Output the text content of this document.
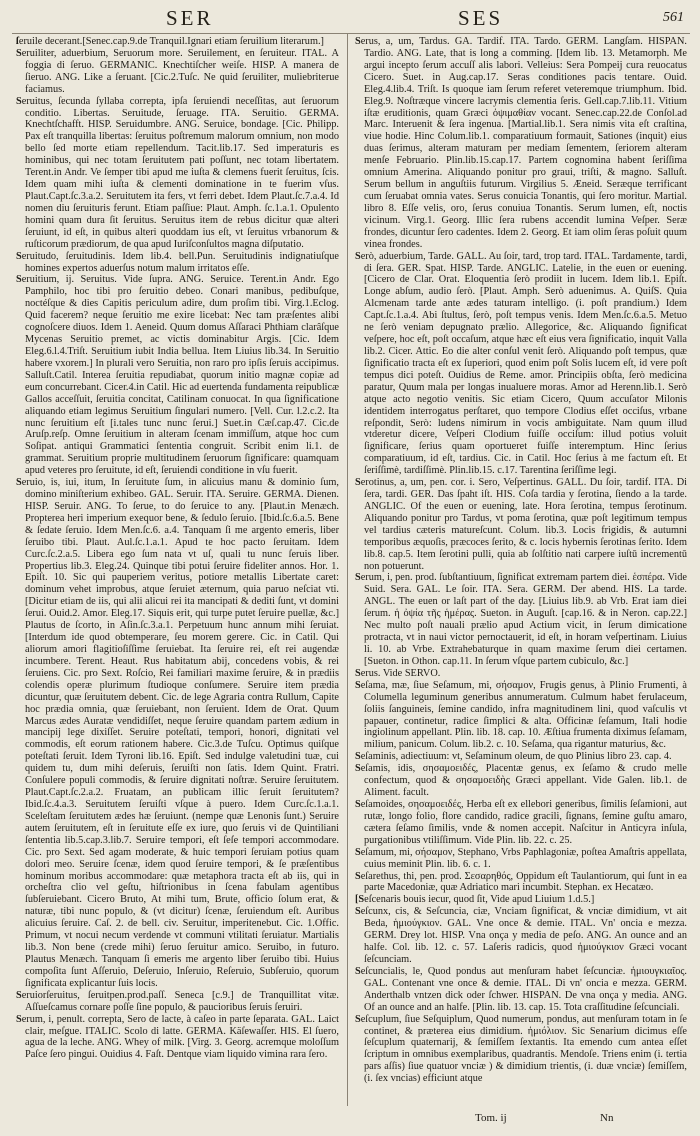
SER	SES	561

ſeruile decerant.[Senec.cap.9.de Tranquil.Ignari etiam ſeruilium literarum.]

Seruiliter, aduerbium, Seruorum more. Seruilement, en ſeruiteur. ITAL. A foggia di ſeruo. GERMANIC. Knechtiſcher weiſe. HISP. A manera de ſieruo. ANG. Like a ſeruant. [Cic.2.Tuſc. Ne quid ſeruiliter, muliebriterue faciamus.

Seruitus, ſecunda ſyllaba correpta, ipſa ſeruiendi neceſſitas, aut ſeruorum conditio. Libertas. Seruitude, ſeruage. ITA. Seruitio. GERMA. Knechtſchafft. HISP. Seruidumbre. ANG. Seruice, bondage. [Cic. Philipp. Pax eſt tranquilla libertas: ſeruitus poſtremum malorum omnium, non modo bello ſed morte etiam repellendum. Tacit.lib.17. Sed imperaturis es hominibus, qui nec totam ſeruitutem pati poſſunt, nec totam libertatem. Terent.in Andr. Ve ſemper tibi apud me iuſta & clemens fuerit ſeruitus, ſcis. Idem quam mihi iuſta & clementi dominatione in te fuerim vſus. Plaut.Capt.ſc.3.a.2. Seruitutem ita fers, vt ferri debet. Idem Plaut.ſc.7.a.4. Id nomen diu ſeruituris ferunt. Etiam paſſiue: Plaut. Amph. ſc.1.a.1. Opulento homini quam dura ſit ſeruitus. Seruitus item de rebus dicitur quæ alteri ſeruiunt, id eſt, in quibus alteri quoddam ius eſt, vt ſeruitus vrbanorum & ruſticorum prædiorum, de qua apud Iuriſconſultos magna diſputatio.

Seruitudo, ſeruitudinis. Idem lib.4. bell.Pun. Seruitudinis indignatiuſque homines expertos aduerſus notum malum irritatos eſſe.

Seruitium, ij. Seruitus. Vide ſupra. ANG. Seruice. Terent.in Andr. Ego Pamphilo, hoc tibi pro ſeruitio debeo. Conari manibus, pedibuſque, noctéſque & dies Capitis periculum adire, dum proſim tibi. Virg.1.Eclog. Quid facerem? neque ſeruitio me exire licebat: Nec tam præſentes alibi cognoſcere diuos. Idem 1. Aeneid. Quum domus Aſſaraci Phthiam clarâſque Mycenas Seruitio premet, ac victis dominabitur Argis. [Cic. Idem Eleg.6.l.4.Triſt. Seruitium iubit India bellua. Item Liuius lib.34. In Seruitio habere vxorem.] In plurali vero Seruitia, non raro pro ipſis ſeruis accipimus. Salluſt.Catil. Interea ſeruitia repudiabat, quorum initio magnæ copiæ ad eum concurrebant. Cicer.4.in Catil. Hic ad euertenda fundamenta reipublicæ Gallos acceſſuit, ſeruitia concitat, Catilinam conuocat. In qua ſignificatione aliquando etiam legimus Seruitium ſingulari numero. [Vell. Cur. l.2.c.2. Ita nunc ſeruitium eſt [i.tales tunc nunc ſerui.] Suet.in Cæſ.cap.47. Cic.de Aruſp.reſp. Omne ſeruitium in alteram ſcenam immiſſum, atque hoc cum Soſipat. antiqui Grammatici ſententia congruit. Scribit enim li.1. de grammat. Seruitium proprie multitudinem ſeruorum ſignificare: quamquam apud veteres pro ſeruitute, id eſt, ſeruiendi conditione in vſu fuerit.

Seruio, is, iui, itum, In ſeruitute ſum, in alicuius manu & dominio ſum, domino miniſterium exhibeo. GAL. Seruir. ITA. Seruire. GERMA. Dienen. HISP. Seruir. ANG. To ſerue, to do ſeruice to any. [Plaut.in Menæch. Propterea heri imperium exequor bene, & ſedulo ſeruio. [Ibid.ſc.6.a.5. Bene & ſedate ſeruio. Idem Men.ſc.6. a.4. Tanquam ſi me argento emeris, liber ſeruibo tibi. Plaut. Aul.ſc.1.a.1. Apud te hoc pacto ſeruitam. Idem Curc.ſc.2.a.5. Libera ego ſum nata vt uſ, quali tu nunc ſeruis liber. Propertius lib.3. Eleg.24. Quinque tibi potui ſeruire fideliter annos. Hor. 1. Epiſt. 10. Sic qui pauperiem veritus, potiore metallis Libertate caret: dominum vehet improbus, atque ſeruiet æternum, quia paruo neſciat vti. [Dicitur etiam de iis, qui alii alicui rei ita mancipati & dediti ſunt, vt domini ſerui. Ouid.2. Amor. Eleg.17. Siquis erit, qui turpe putet ſeruire puellæ, &c.] Plautus de ſcorto, in Aſin.ſc.3.a.1. Perpetuum hunc annum mihi ſeruiat. [Interdum ide quod obtemperare, ſeu morem gerere. Cic. in Catil. Qui aliorum amori flagitioſiſſime ſeruiebat. Ita ſeruire rei, eſt rei augendæ incumbere. Terent. Heaut. Rus habitatum abij, concedens vobis, & rei ſeruiens. Cic. pro Sext. Roſcio, Rei familiari maxime ſeruire, & in prædiis colendis operæ plurimum ſtudioque conſumere. Seruire item prædia dicuntur, quæ ſeruitutem debent. Cic. de lege Agraria contra Rullum, Capite hoc prædia omnia, quæ ſeruiebant, non ſeruient. Idem de Orat. Quum Marcus ædes Auratæ vendidiſſet, neque ſeruire quandam partem ædium in mancipij lege dixiſſet. Seruire poteſtati, tempori, honori, dignitati vel commodis, eſt eorum rationem habere. Cic.3.de Tuſcu. Optimus quiſque poteſtati ſeruit. Idem Tyroni lib.16. Epiſt. Sed indulge valetudini tuæ, cui quidem tu, dum mihi deſeruis, ſeruiſti non ſatis. Idem Quint. Fratri. Conſulere populi commodis, & ſeruire dignitati noſtræ. Seruire ſeruitutem. Plaut.Capt.ſc.2.a.2. Fruatam, an publicam illic ſeruit ſeruitutem? Ibid.ſc.4.a.3. Seruitutem ſeruiſti vſque à puero. Idem Curc.ſc.1.a.1. Sceleſtam ſeruitutem ædes hæ ſeruiunt. (nempe quæ Lenonis ſunt.) Seruire autem ſeruitutem, eſt in ſeruitute eſſe ex iure, quo ſeruis vi de Quintiliani ſententia lib.5.cap.3.lib.7. Seruire tempori, eſt ſeſe tempori accommodare. Cic. pro Sext. Sed agam moderate, & huic tempori ſeruiam potius quam dolori meo. Seruire ſcenæ, idem quod ſeruire tempori, & ſe præſentibus hominum moribus accommodare: quæ metaphora tracta eſt ab iis, qui in orcheſtra clio vel geſtu, hiſtrionibus in ſcena fabulam agentibus ſubſeruiebant. Cicero Bruto, At mihi tum, Brute, officio ſolum erat, & naturæ, tibi nunc populo, & (vt dicitur) ſcenæ, ſeruiendum eſt. Auribus alicuius ſeruire. Caſ. 2. de bell. civ. Seruitur, imperitenebut. Cic. 1.Offic. Primum, vt nocui necum verdende vt communi vtilitati ſeruiatur. Martialis lib.3. Non bene (crede mihi) ſeruo ſeruitur amico. Seruibo, in futuro. Plautus Menæch. Tanquam ſi emeris me argento liber ſeruibo tibi. Huius compoſita ſunt Aſſeruio, Deſeruio, Inſeruio, Reſeruio, Subſeruio, quorum ſignificata explicantur ſuis locis.

Seruiorſeruitus, ſeruitpen.prod.paſſ. Seneca [c.9.] de Tranquillitat vitæ. Aſſueſcamus cornare poſſe ſine populo, & paucioribus ſeruis ſeruiri.

Serum, i, penult. correpta, Sero de lacte, à caſeo in parte ſeparata. GAL. Laict clair, meſgue. ITALIC. Scolo di latte. GERMA. Käſewaſſer. HIS. El ſuero, agua de la leche. ANG. Whey of milk. [Virg. 3. Georg. acremque moloſſum Paſce ſero pingui. Ouidius 4. Faſt. Dentque viam liquido vimina rara ſero.

Serus, a, um, Tardus. GA. Tardif. ITA. Tardo. GERM. Langſam. HISPAN. Tardio. ANG. Late, that is long a comming. [Idem lib. 13. Metamorph. Me argui incepto ſerum accuſſ alis labori. Velleius: Sera Pompeij cura reuocatus Cicero. Suet. in Aug.cap.17. Seras conditiones pacis tentare. Ouid. Eleg.4.lib.4. Triſt. Is quoque iam ſerum referet veteremque triumphum. Ibid. Eleg.9. Noſtræque vincere lacrymis clementia ſeris. Gell.cap.7.lib.11. Vitium iſtæ eruditionis, quam Græci ὀψιμαθίαν vocant. Senec.cap.22.de Conſol.ad Marc. Interuenit & ſera ingenua. [Martial.lib.1. Sera nimis vita eſt craſtina, viue hodie. Hinc Colum.lib.1. comparatiuum formauit, Sationes (inquit) eius duas ſerimus, alteram maturam per mediam ſementem, ſeriorem alteram menſe Februario. Plin.lib.15.cap.17. Partem cognomina habent ſeriſſima omnium Amerina. Aliquando ponitur pro graui, triſti, & magno. Salluſt. Serum bellum in anguſtiis futurum. Virgilius 5. Æneid. Seræque terrificant cum ſeruabat omnia vates. Serus conuicia Tonantis, qui ſero moritur. Martial. libro 8. Eſſe velis, oro, ſerus conuiua Tonantis. Serum lumen, eſt, noctis vicinum. Virg.1. Georg. Illic ſera rubens accendit lumina Veſper. Seræ frondes, dicuntur ſero cadentes. Idem 2. Georg. Et iam olim ſeras poſuit quum vinea frondes.

Serò, aduerbium, Tarde. GALL. Au ſoir, tard, trop tard. ITAL. Tardamente, tardi, di ſera. GER. Spat. HISP. Tarde. ANGLIC. Latelie, in the euen or euening. [Cicero de Clar. Orat. Eloquentia ſerò prodiit in lucem. Idem lib.1. Epiſt. Longe abſum, audio ſerò. [Plaut. Amph. Serò aduenimus. A. QuiſS. Quia Alcmenam tarde ante ædes taturam intelligo. (i. poſt prandium.) Idem Capt.ſc.1.a.4. Abi ſtultus, ſerò, poſt tempus venis. Idem Men.ſc.6.a.5. Metuo ne ſerò veniam depugnato prælio. Allegorice, &c. Aliquando ſignificat veſpere, hoc eſt, poſt occaſum, atque hæc eſt eius vera ſignificatio, inquit Valla lib.2. Cicer. Attic. Eo die alter conſul venit ſerò. Aliquando poſt tempus, quæ ſignificatio tracta eſt ex ſuperiori, quod enim poſt Solis lucem eſt, id vere poſt tempus dici poteſt. Ouidius de Reme. amor. Principiis obſta, ſerò medicina paratur, Quum mala per longas inualuere moras. Amor ad Herenn.lib.1. Serò atque acto negotio venitis. Sic etiam Cicero, Quum accuſator Milonis identidem interrogatus perſtaret, quo tempore Clodius eſſet occiſus, vrbane reſpondit, Serò: ludens nimirum in vocis ambiguitate. Nam quum illud vtderetur dicere, Veſperi Clodium fuiſſe occiſum: illud potius voluit ſignificare, ſerius quam oportueret fuiſſe interemptum. Hinc ſerius comparatiuum, id eſt, tardius. Cic. in Catil. Hoc ſerius à me factum eſt. Et ſeriſſimè, tardiſſimè. Plin.lib.15. c.17. Tarentina ſeriſſime legi.

Serotinus, a, um, pen. cor. i. Sero, Veſpertinus. GALL. Du ſoir, tardif. ITA. Di ſera, tardi. GER. Das ſpaht iſt. HIS. Coſa tardia y ſerotina, ſiendo a la tarde. ANGLIC. Of the euen or euening, late. Hora ſerotina, tempus ſerotinum. Aliquando ponitur pro Tardus, vt poma ſerotina, quæ poſt legitimum tempus vel tardius cæteris matureſcunt. Colum. lib.3. Locis frigidis, & autumni temporibus æquoſis, præcoces ſerito, & c. locis hybernis ſerotinas ſerito. Idem lib.8. cap.5. Item ſerotini pulli, quia ab ſolſtitio nati carpere iuſtū incrementū non potuerunt.

Serum, i, pen. prod. ſubſtantiuum, ſignificat extremam partem diei. ἑσπέρα. Vide Suid. Sera. GAL. Le ſoir. ITA. Sera. GERM. Der abend. HIS. La tarde. ANGL. The euen or laſt part of the day. [Liuius lib.9. ab Vrb. Erat iam diei ſerum. ἡ ὀψία τῆς ἡμέρας. Sueton. in Auguſt. [cap.16. & in Neron. cap.22.] Nec multo poſt nauali prælio apud Actium vicit, in ſerum dimicatione protracta, vt in naui victor pernoctauerit, id eſt, in horam veſpertinam. Liuius li. 10. ab Vrbe. Extrahebaturque in quam maxime ſerum diei certamen. [Sueton. in Othon. cap.11. In ſerum vſque partem cubiculo, &c.]

Serus. Vide SERVO.

Seſama, mæ, ſiue Seſamum, mi, σήσαμον, Frugis genus, à Plinio Frumenti, à Columella leguminum generibus annumeratum. Culmum habet ferulaceum, ſoliis ſanguineis, ſemine candido, infra magnitudinem lini, quod vaſculis vt papauer, continetur, radice ſimplici & alta. Officinæ ſeſamum, Itali hodie ingiolinum appellant. Plin. lib. 18. cap. 10. Æſtiua frumenta diximus ſeſamam, milium, panicum. Colum. lib.2. c. 10. Seſama, qua rigantur maturius, &c.

Seſaminis, adiectiuum: vt, Seſaminum oleum, de quo Plinius libro 23. cap. 4.

Seſamis, idis, σησαμοειδές, Placentæ genus, ex ſeſamo & crudo melle confectum, quod & σησαμοειδὴς Græci appellant. Vide Galen. lib.1. de Aliment. facult.

Seſamoides, σησαμοειδές, Herba eſt ex ellebori generibus, ſimilis ſeſamioni, aut rutæ, longo folio, flore candido, radice gracili, ſignans, ſemine guſtu amaro, cætera ſeſamo ſimilis, vnde & nomen accepit. Naſcitur in Anticyra inſula, purgationibus vtiliſſimum. Vide Plin. lib. 22. c. 25.

Seſamum, mi, σήσαμον, Stephano, Vrbs Paphlagoniæ, poſtea Amaſtris appellata, cuius meminit Plin. lib. 6. c. 1.

Seſarethus, thi, pen. prod. Σεσαρηθός, Oppidum eſt Taulantiorum, qui ſunt in ea parte Macedoniæ, quæ Adriatico mari incumbit. Stephan. ex Hecatæo.

[Seſcenaris bouis iecur, quod ſit, Vide apud Liuium 1.d.5.]

Seſcunx, cis, & Seſcuncia, ciæ, Vnciam ſignificat, & vnciæ dimidium, vt ait Beda, ἡμιούγκιον. GAL. Vne once & demie. ITAL. Vn' oncia e mezza. GERM. Drey lot. HISP. Vna onça y media de peſo. ANG. An ounce and an halfe. Col. lib. 12. c. 57. Laſeris radicis, quod ἡμιούγκιον Græci vocant ſeſcunciam.

Seſcuncialis, le, Quod pondus aut menſuram habet ſeſcunciæ. ἡμιουγκιαῖος. GAL. Contenant vne once & demie. ITAL. Di vn' oncia e mezza. GERM. Anderthalb vntzen dick oder ſchwer. HISPAN. De vna onça y media. ANG. Of an ounce and an halfe. [Plin. lib. 13. cap. 15. Tota craſſitudine ſeſcunciali.

Seſcuplum, ſiue Seſquiplum, Quod numerum, pondus, aut menſuram totam in ſe continet, & præterea eius dimidium. ἡμιόλιον. Sic Senarium dicimus eſſe ſeſcuplum quaternarij, & ſemiſſem ſextantis. Ita emendo cum antea eſſet ſcriptum in omnibus exemplaribus, quadrantis. Mendoſe. Triens enim (i. tertia pars aſſis) ſiue quatuor vnciæ ) & dimidium trientis, (i. duæ vnciæ) ſemiſſem, (i. ſex vncias) efficiunt atque

Tom. ij	Nn
